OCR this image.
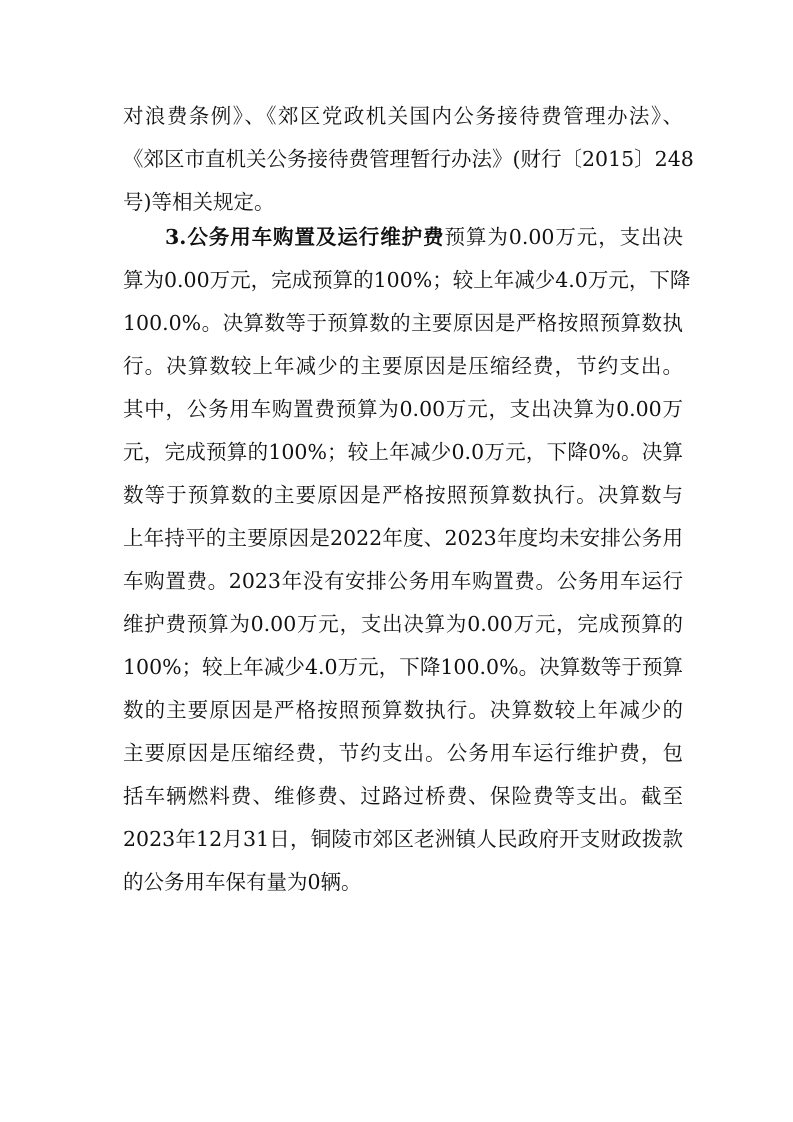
对浪费条例》、《郊区党政机关国内公务接待费管理办法》、
《郊区市直机关公务接待费管理暂行办法》(财行〔2015〕248
号)等相关规定。
3.公务用车购置及运行维护费预算为0.00万元，支出决
算为0.00万元，完成预算的100%；较上年减少4.0万元，下降
100.0%。决算数等于预算数的主要原因是严格按照预算数执
行。决算数较上年减少的主要原因是压缩经费，节约支出。
其中，公务用车购置费预算为0.00万元，支出决算为0.00万
元，完成预算的100%；较上年减少0.0万元，下降0%。决算
数等于预算数的主要原因是严格按照预算数执行。决算数与
上年持平的主要原因是2022年度、2023年度均未安排公务用
车购置费。2023年没有安排公务用车购置费。公务用车运行
维护费预算为0.00万元，支出决算为0.00万元，完成预算的
100%；较上年减少4.0万元，下降100.0%。决算数等于预算
数的主要原因是严格按照预算数执行。决算数较上年减少的
主要原因是压缩经费，节约支出。公务用车运行维护费，包
括车辆燃料费、维修费、过路过桥费、保险费等支出。截至
2023年12月31日，铜陵市郊区老洲镇人民政府开支财政拨款
的公务用车保有量为0辆。
